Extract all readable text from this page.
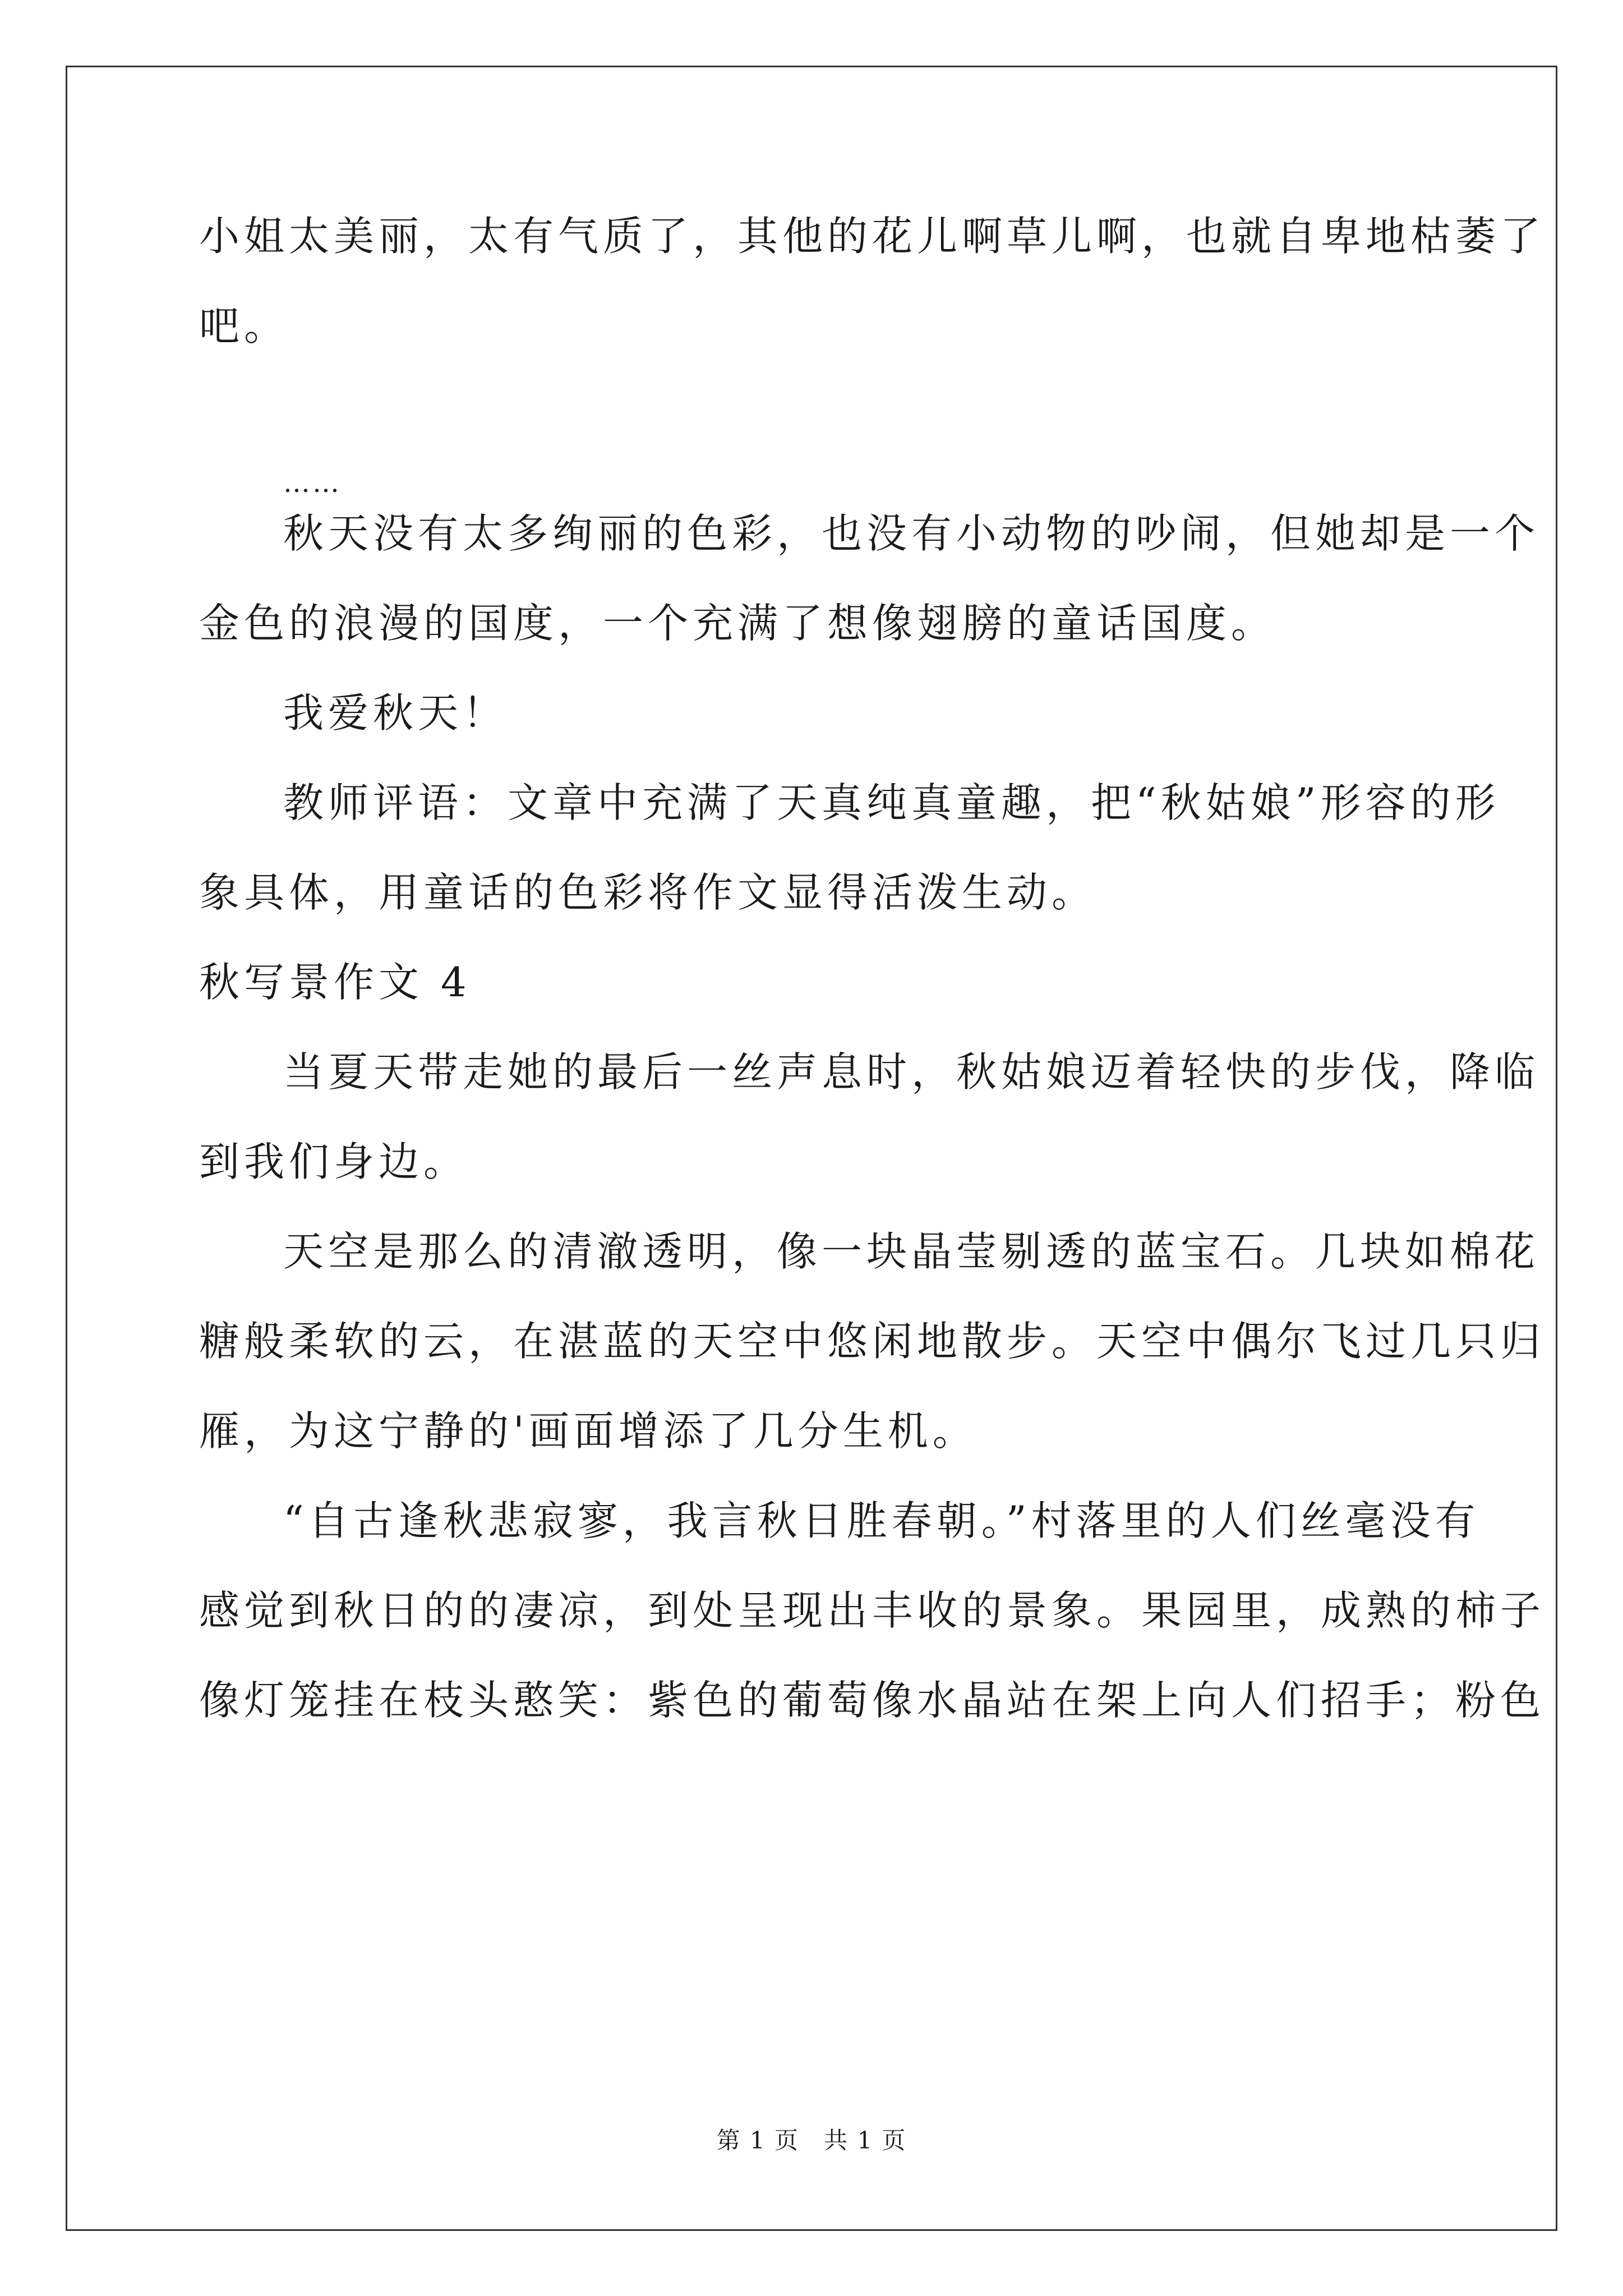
小姐太美丽，太有气质了，其他的花儿啊草儿啊，也就自卑地枯萎了
吧。
……
秋天没有太多绚丽的色彩，也没有小动物的吵闹，但她却是一个
金色的浪漫的国度，一个充满了想像翅膀的童话国度。
我爱秋天！
教师评语：文章中充满了天真纯真童趣，把“秋姑娘”形容的形
象具体，用童话的色彩将作文显得活泼生动。
秋写景作文 4
当夏天带走她的最后一丝声息时，秋姑娘迈着轻快的步伐，降临
到我们身边。
天空是那么的清澈透明，像一块晶莹剔透的蓝宝石。几块如棉花
糖般柔软的云，在湛蓝的天空中悠闲地散步。天空中偶尔飞过几只归
雁，为这宁静的'画面增添了几分生机。
“自古逢秋悲寂寥，我言秋日胜春朝。”村落里的人们丝毫没有
感觉到秋日的的凄凉，到处呈现出丰收的景象。果园里，成熟的柿子
像灯笼挂在枝头憨笑：紫色的葡萄像水晶站在架上向人们招手；粉色
第 1 页　共 1 页
